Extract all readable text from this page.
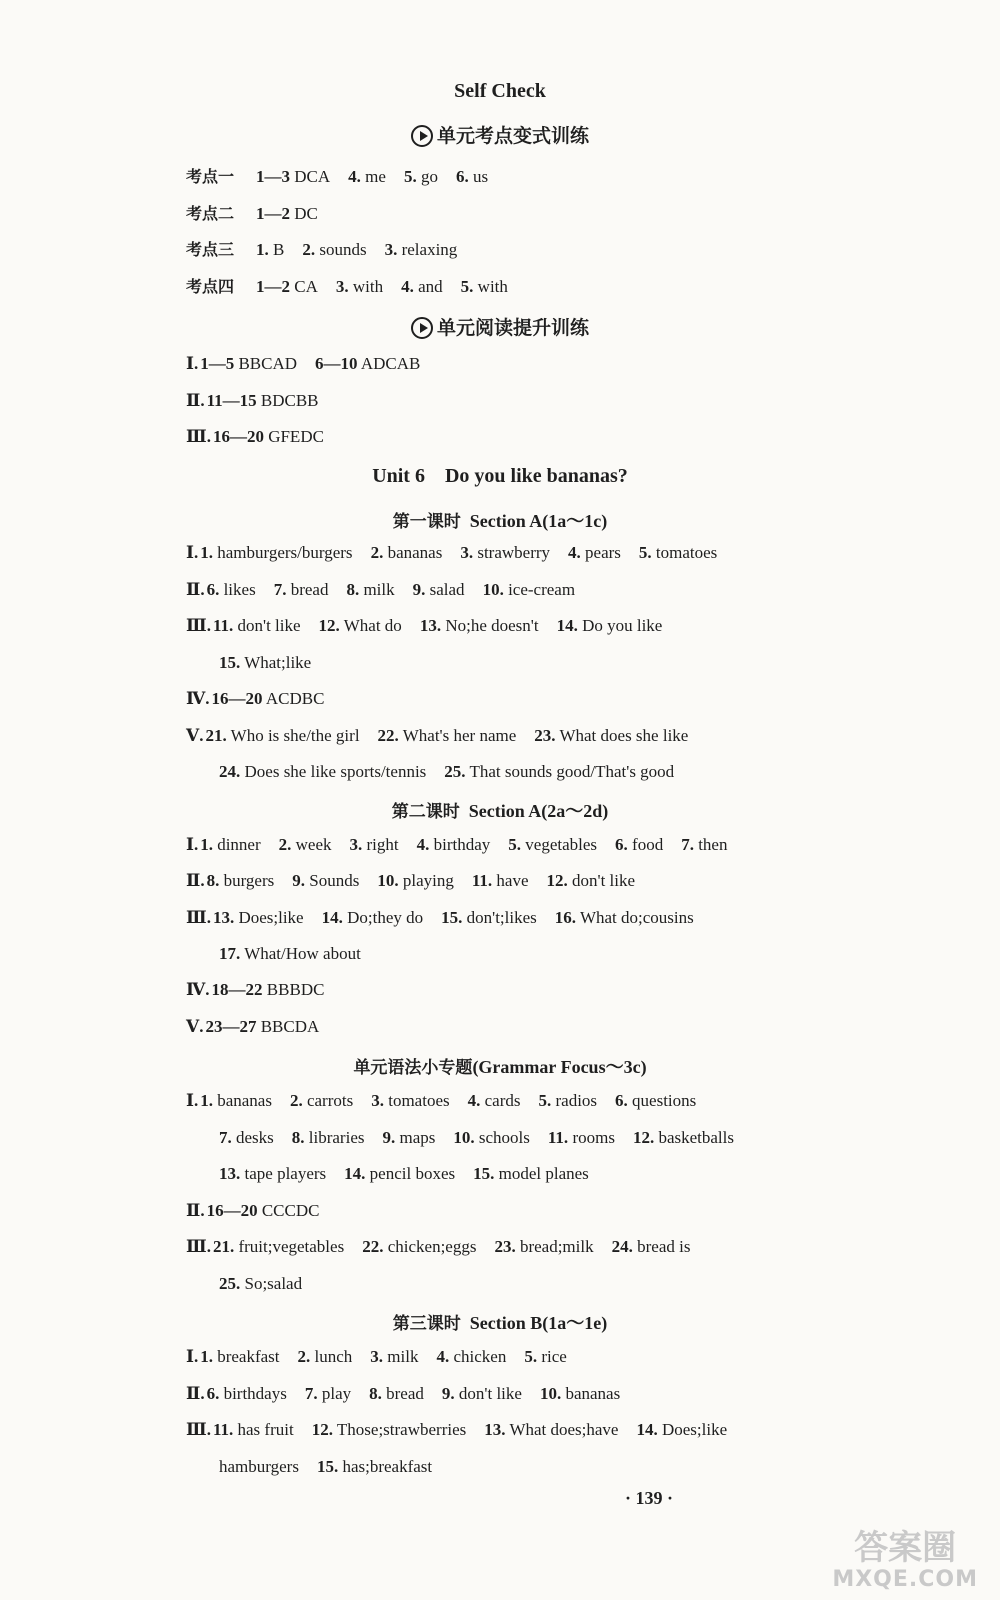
Self Check
单元考点变式训练
考点一 1—3 DCA 4. me 5. go 6. us
考点二 1—2 DC
考点三 1. B 2. sounds 3. relaxing
考点四 1—2 CA 3. with 4. and 5. with
单元阅读提升训练
Ⅰ. 1—5 BBCAD 6—10 ADCAB
Ⅱ. 11—15 BDCBB
Ⅲ. 16—20 GFEDC
Unit 6    Do you like bananas?
第一课时 Section A(1a～1c)
Ⅰ. 1. hamburgers/burgers 2. bananas 3. strawberry 4. pears 5. tomatoes
Ⅱ. 6. likes 7. bread 8. milk 9. salad 10. ice-cream
Ⅲ. 11. don't like 12. What do 13. No;he doesn't 14. Do you like
15. What;like
Ⅳ. 16—20 ACDBC
Ⅴ. 21. Who is she/the girl 22. What's her name 23. What does she like
24. Does she like sports/tennis 25. That sounds good/That's good
第二课时 Section A(2a～2d)
Ⅰ. 1. dinner 2. week 3. right 4. birthday 5. vegetables 6. food 7. then
Ⅱ. 8. burgers 9. Sounds 10. playing 11. have 12. don't like
Ⅲ. 13. Does;like 14. Do;they do 15. don't;likes 16. What do;cousins
17. What/How about
Ⅳ. 18—22 BBBDC
Ⅴ. 23—27 BBCDA
单元语法小专题(Grammar Focus～3c)
Ⅰ. 1. bananas 2. carrots 3. tomatoes 4. cards 5. radios 6. questions
7. desks 8. libraries 9. maps 10. schools 11. rooms 12. basketballs
13. tape players 14. pencil boxes 15. model planes
Ⅱ. 16—20 CCCDC
Ⅲ. 21. fruit;vegetables 22. chicken;eggs 23. bread;milk 24. bread is
25. So;salad
第三课时 Section B(1a～1e)
Ⅰ. 1. breakfast 2. lunch 3. milk 4. chicken 5. rice
Ⅱ. 6. birthdays 7. play 8. bread 9. don't like 10. bananas
Ⅲ. 11. has fruit 12. Those;strawberries 13. What does;have 14. Does;like
hamburgers 15. has;breakfast
· 139 ·
答案圈
MXQE.COM
